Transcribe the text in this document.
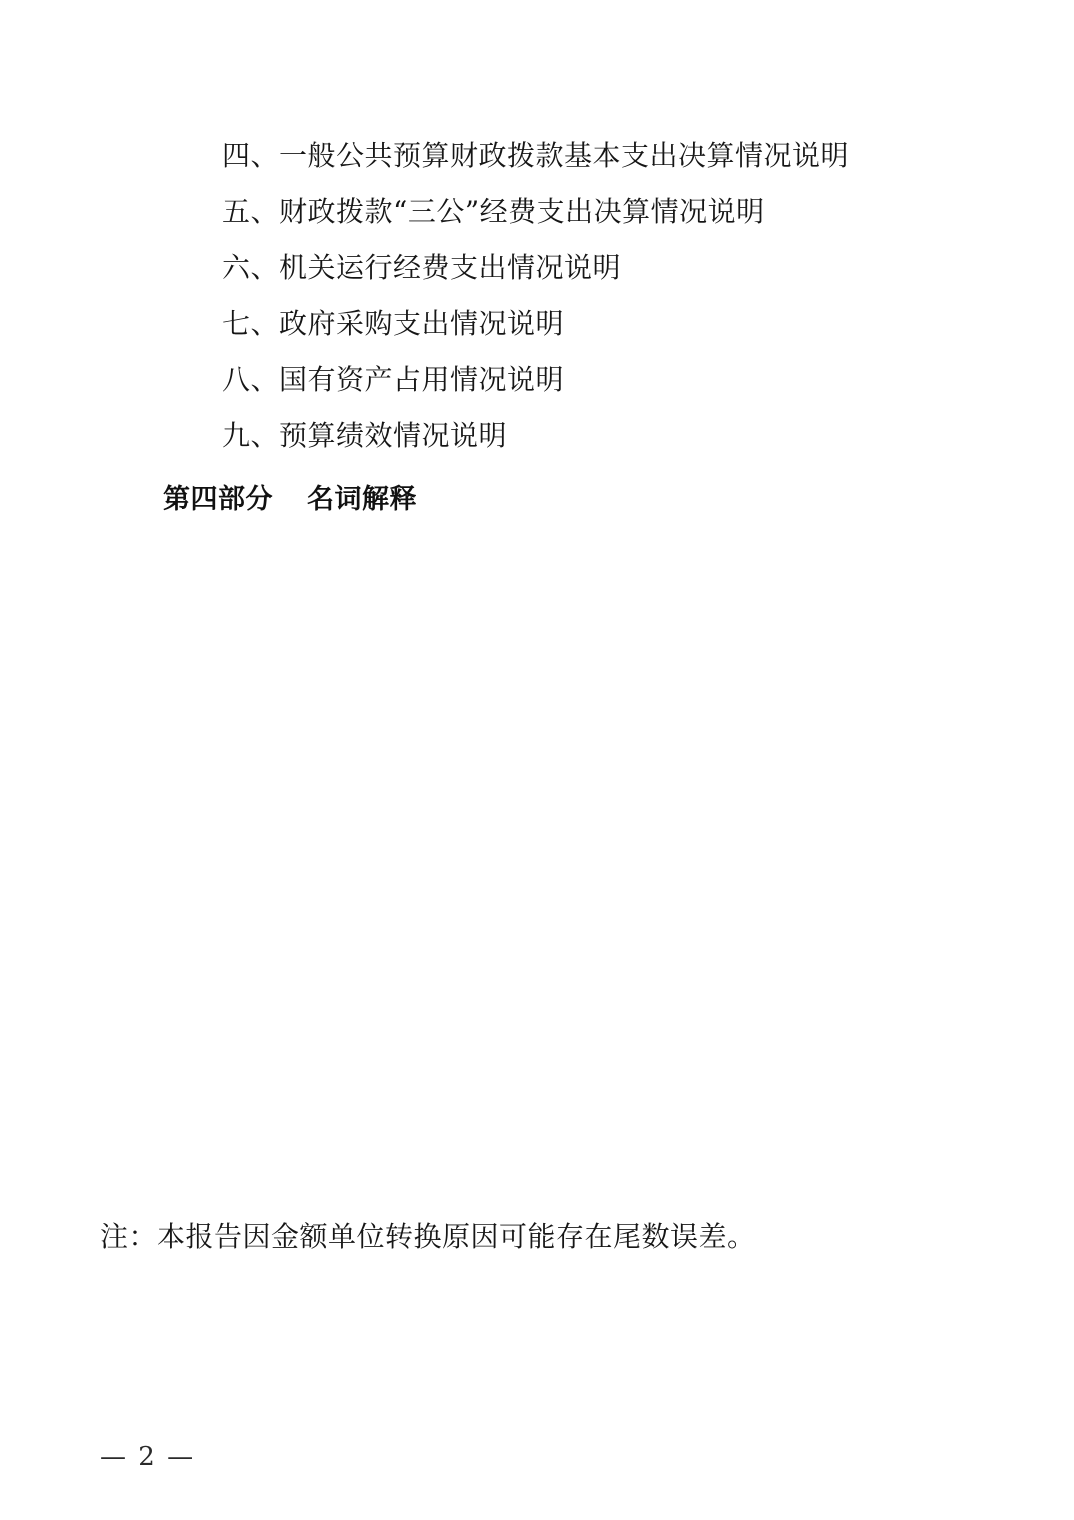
四、一般公共预算财政拨款基本支出决算情况说明
五、财政拨款“三公”经费支出决算情况说明
六、机关运行经费支出情况说明
七、政府采购支出情况说明
八、国有资产占用情况说明
九、预算绩效情况说明
第四部分 名词解释
注：本报告因金额单位转换原因可能存在尾数误差。
— 2 —
